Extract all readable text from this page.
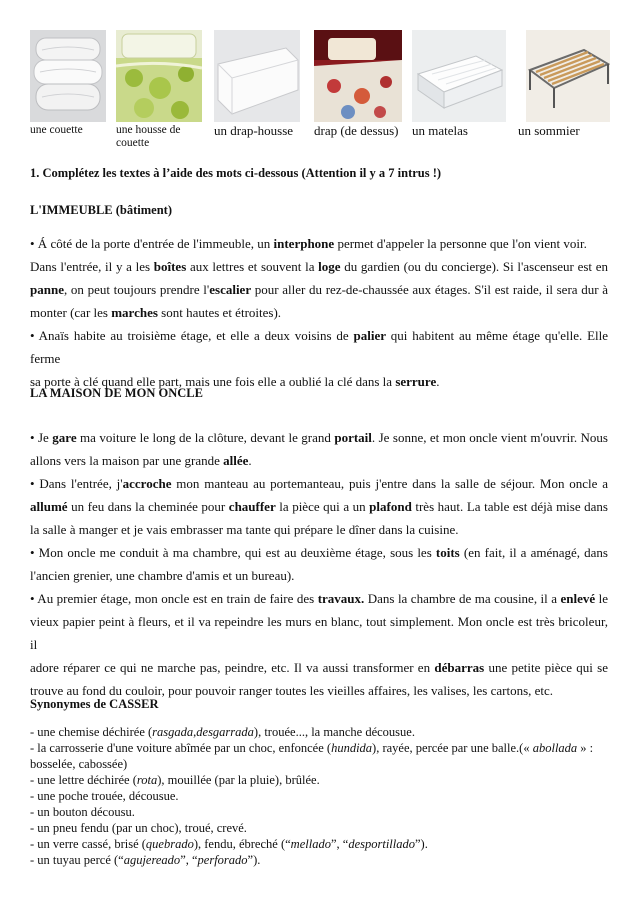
une couette	une housse de
couette
un drap-housse drap (de dessus) un matelas	un sommier
1. Complétez les textes à l’aide des mots ci-dessous (Attention il y a 7 intrus !)
L'IMMEUBLE (bâtiment)
• Á côté de la porte d'entrée de l'immeuble, un interphone permet d'appeler la personne que l'on vient voir.
Dans l'entrée, il y a les boîtes aux lettres et souvent la loge du gardien (ou du concierge). Si l'ascenseur est en
panne, on peut toujours prendre l'escalier pour aller du rez-de-chaussée aux étages. S'il est raide, il sera dur à
monter (car les marches sont hautes et étroites).
• Anaïs habite au troisième étage, et elle a deux voisins de palier qui habitent au même étage qu'elle. Elle ferme
sa porte à clé quand elle part, mais une fois elle a oublié la clé dans la serrure.
LA MAISON DE MON ONCLE
• Je gare ma voiture le long de la clôture, devant le grand portail. Je sonne, et mon oncle vient m'ouvrir. Nous
allons vers la maison par une grande allée.
• Dans l'entrée, j'accroche mon manteau au portemanteau, puis j'entre dans la salle de séjour. Mon oncle a
allumé un feu dans la cheminée pour chauffer la pièce qui a un plafond très haut. La table est déjà mise dans
la salle à manger et je vais embrasser ma tante qui prépare le dîner dans la cuisine.
• Mon oncle me conduit à ma chambre, qui est au deuxième étage, sous les toits (en fait, il a aménagé, dans
l'ancien grenier, une chambre d'amis et un bureau).
• Au premier étage, mon oncle est en train de faire des travaux. Dans la chambre de ma cousine, il a enlevé le
vieux papier peint à fleurs, et il va repeindre les murs en blanc, tout simplement. Mon oncle est très bricoleur, il
adore réparer ce qui ne marche pas, peindre, etc. Il va aussi transformer en débarras une petite pièce qui se
trouve au fond du couloir, pour pouvoir ranger toutes les vieilles affaires, les valises, les cartons, etc.
Synonymes de CASSER
- une chemise déchirée (rasgada,desgarrada), trouée..., la manche décousue.
- la carrosserie d'une voiture abîmée par un choc, enfoncée (hundida), rayée, percée par une balle.(« abollada » :
bosselée, cabossée)
- une lettre déchirée (rota), mouillée (par la pluie), brûlée.
- une poche trouée, décousue.
- un bouton décousu.
- un pneu fendu (par un choc), troué, crevé.
- un verre cassé, brisé (quebrado), fendu, ébreché (“mellado”, “desportillado”).
- un tuyau percé (“agujereado”, “perforado”).
